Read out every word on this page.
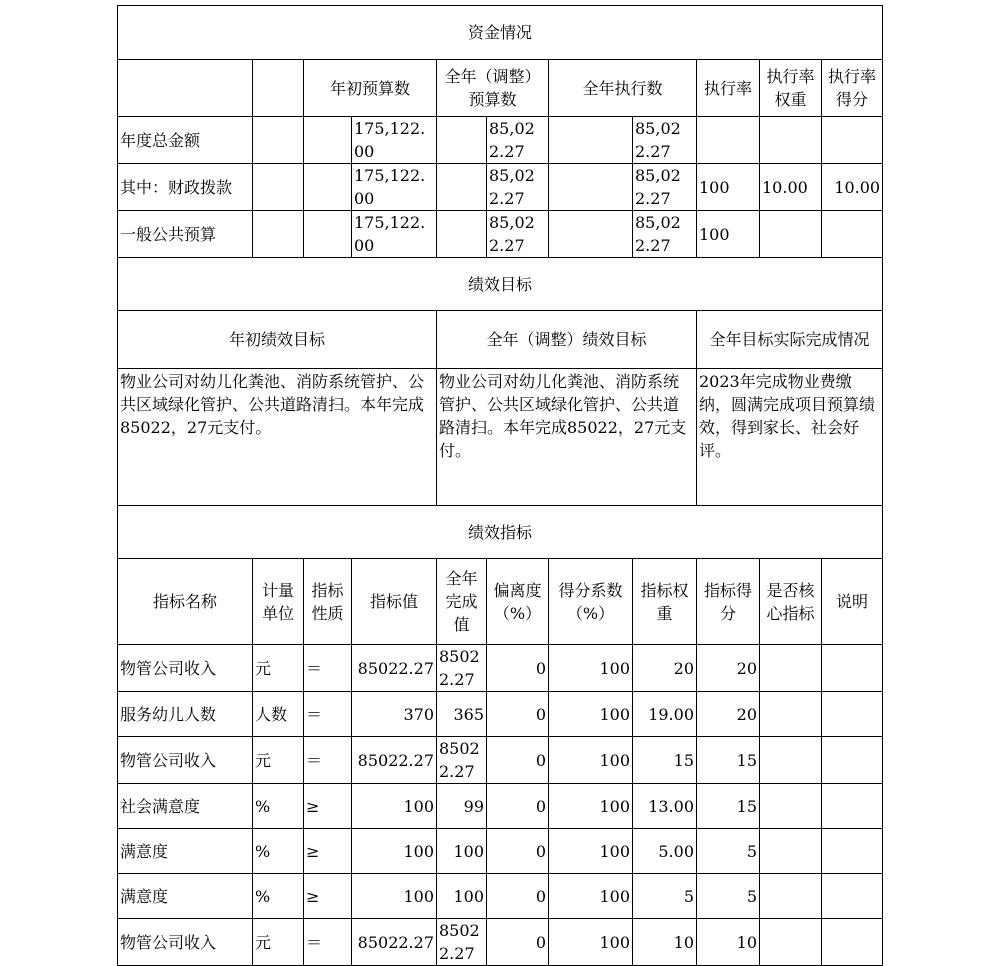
资金情况										
		年初预算数		全年（调整）预算数		全年执行数		执行率	执行率权重	执行率得分
年度总金额			175,122.00		85,022.27		85,022.27			
其中：财政拨款			175,122.00		85,022.27		85,022.27	100	10.00	10.00
一般公共预算			175,122.00		85,022.27		85,022.27	100		
绩效目标										
年初绩效目标				全年（调整）绩效目标				全年目标实际完成情况		
物业公司对幼儿化粪池、消防系统管护、公共区域绿化管护、公共道路清扫。本年完成85022，27元支付。				物业公司对幼儿化粪池、消防系统管护、公共区域绿化管护、公共道路清扫。本年完成85022，27元支付。				2023年完成物业费缴纳，圆满完成项目预算绩效，得到家长、社会好评。		
绩效指标										
指标名称	计量单位	指标性质	指标值	全年完成值	偏离度（%）	得分系数（%）	指标权重	指标得分	是否核心指标	说明
物管公司收入	元	＝	85022.27	85022.27	0	100	20	20		
服务幼儿人数	人数	＝	370	365	0	100	19.00	20		
物管公司收入	元	＝	85022.27	85022.27	0	100	15	15		
社会满意度	%	≥	100	99	0	100	13.00	15		
满意度	%	≥	100	100	0	100	5.00	5		
满意度	%	≥	100	100	0	100	5	5		
物管公司收入	元	＝	85022.27	85022.27	0	100	10	10		
